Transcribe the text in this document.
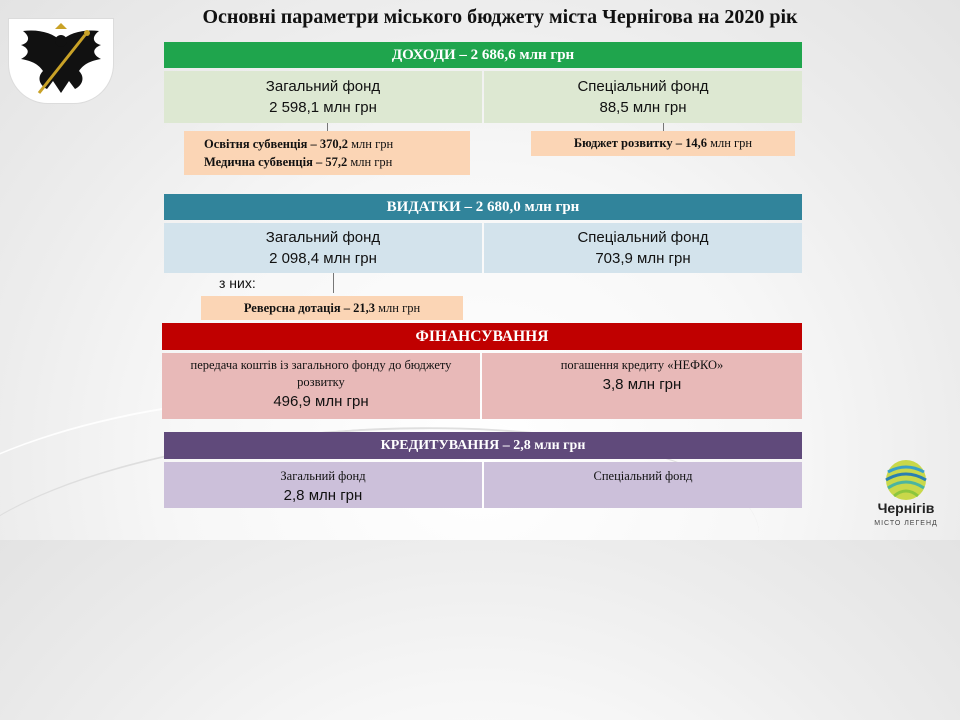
Основні параметри міського бюджету міста Чернігова на 2020 рік
ДОХОДИ – 2 686,6 млн грн
Загальний фонд
2 598,1 млн грн
Спеціальний фонд
88,5 млн грн
Освітня субвенція – 370,2 млн грн
Медична субвенція – 57,2 млн грн
Бюджет розвитку – 14,6 млн грн
ВИДАТКИ – 2 680,0 млн грн
Загальний фонд
2 098,4 млн грн
Спеціальний фонд
703,9 млн грн
з них:
Реверсна дотація – 21,3 млн грн
ФІНАНСУВАННЯ
передача коштів із загального фонду до бюджету розвитку
496,9 млн грн
погашення кредиту «НЕФКО»
3,8 млн грн
КРЕДИТУВАННЯ – 2,8 млн грн
Загальний фонд
2,8 млн грн
Спеціальний фонд
Чернігів
МІСТО ЛЕГЕНД
